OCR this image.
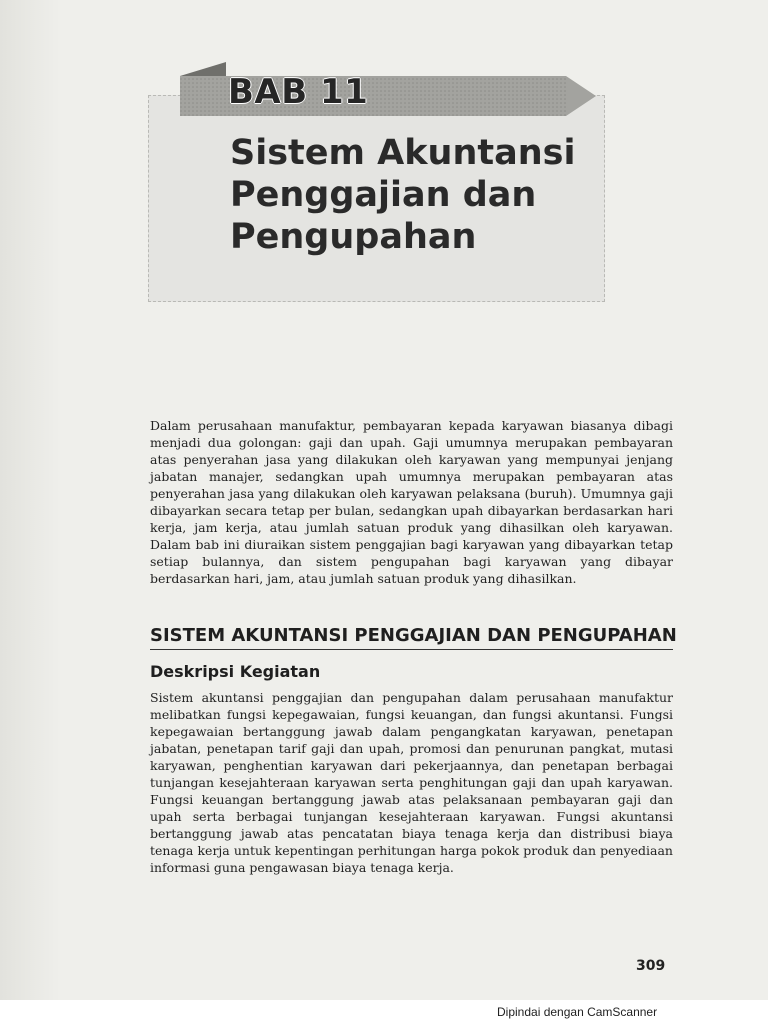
BAB 11
Sistem Akuntansi
Penggajian dan
Pengupahan
Dalam perusahaan manufaktur, pembayaran kepada karyawan biasanya dibagi menjadi dua golongan: gaji dan upah. Gaji umumnya merupakan pembayaran atas penyerahan jasa yang dilakukan oleh karyawan yang mempunyai jenjang jabatan manajer, sedangkan upah umumnya merupakan pembayaran atas penyerahan jasa yang dilakukan oleh karyawan pelaksana (buruh). Umumnya gaji dibayarkan secara tetap per bulan, sedangkan upah dibayarkan berdasarkan hari kerja, jam kerja, atau jumlah satuan produk yang dihasilkan oleh karyawan. Dalam bab ini diuraikan sistem penggajian bagi karyawan yang dibayarkan tetap setiap bulannya, dan sistem pengupahan bagi karyawan yang dibayar berdasarkan hari, jam, atau jumlah satuan produk yang dihasilkan.
SISTEM AKUNTANSI PENGGAJIAN DAN PENGUPAHAN
Deskripsi Kegiatan
Sistem akuntansi penggajian dan pengupahan dalam perusahaan manufaktur melibatkan fungsi kepegawaian, fungsi keuangan, dan fungsi akuntansi. Fungsi kepegawaian bertanggung jawab dalam pengangkatan karyawan, penetapan jabatan, penetapan tarif gaji dan upah, promosi dan penurunan pangkat, mutasi karyawan, penghentian karyawan dari pekerjaannya, dan penetapan berbagai tunjangan kesejahteraan karyawan serta penghitungan gaji dan upah karyawan. Fungsi keuangan bertanggung jawab atas pelaksanaan pembayaran gaji dan upah serta berbagai tunjangan kesejahteraan karyawan. Fungsi akuntansi bertanggung jawab atas pencatatan biaya tenaga kerja dan distribusi biaya tenaga kerja untuk kepentingan perhitungan harga pokok produk dan penyediaan informasi guna pengawasan biaya tenaga kerja.
309
Dipindai dengan CamScanner
